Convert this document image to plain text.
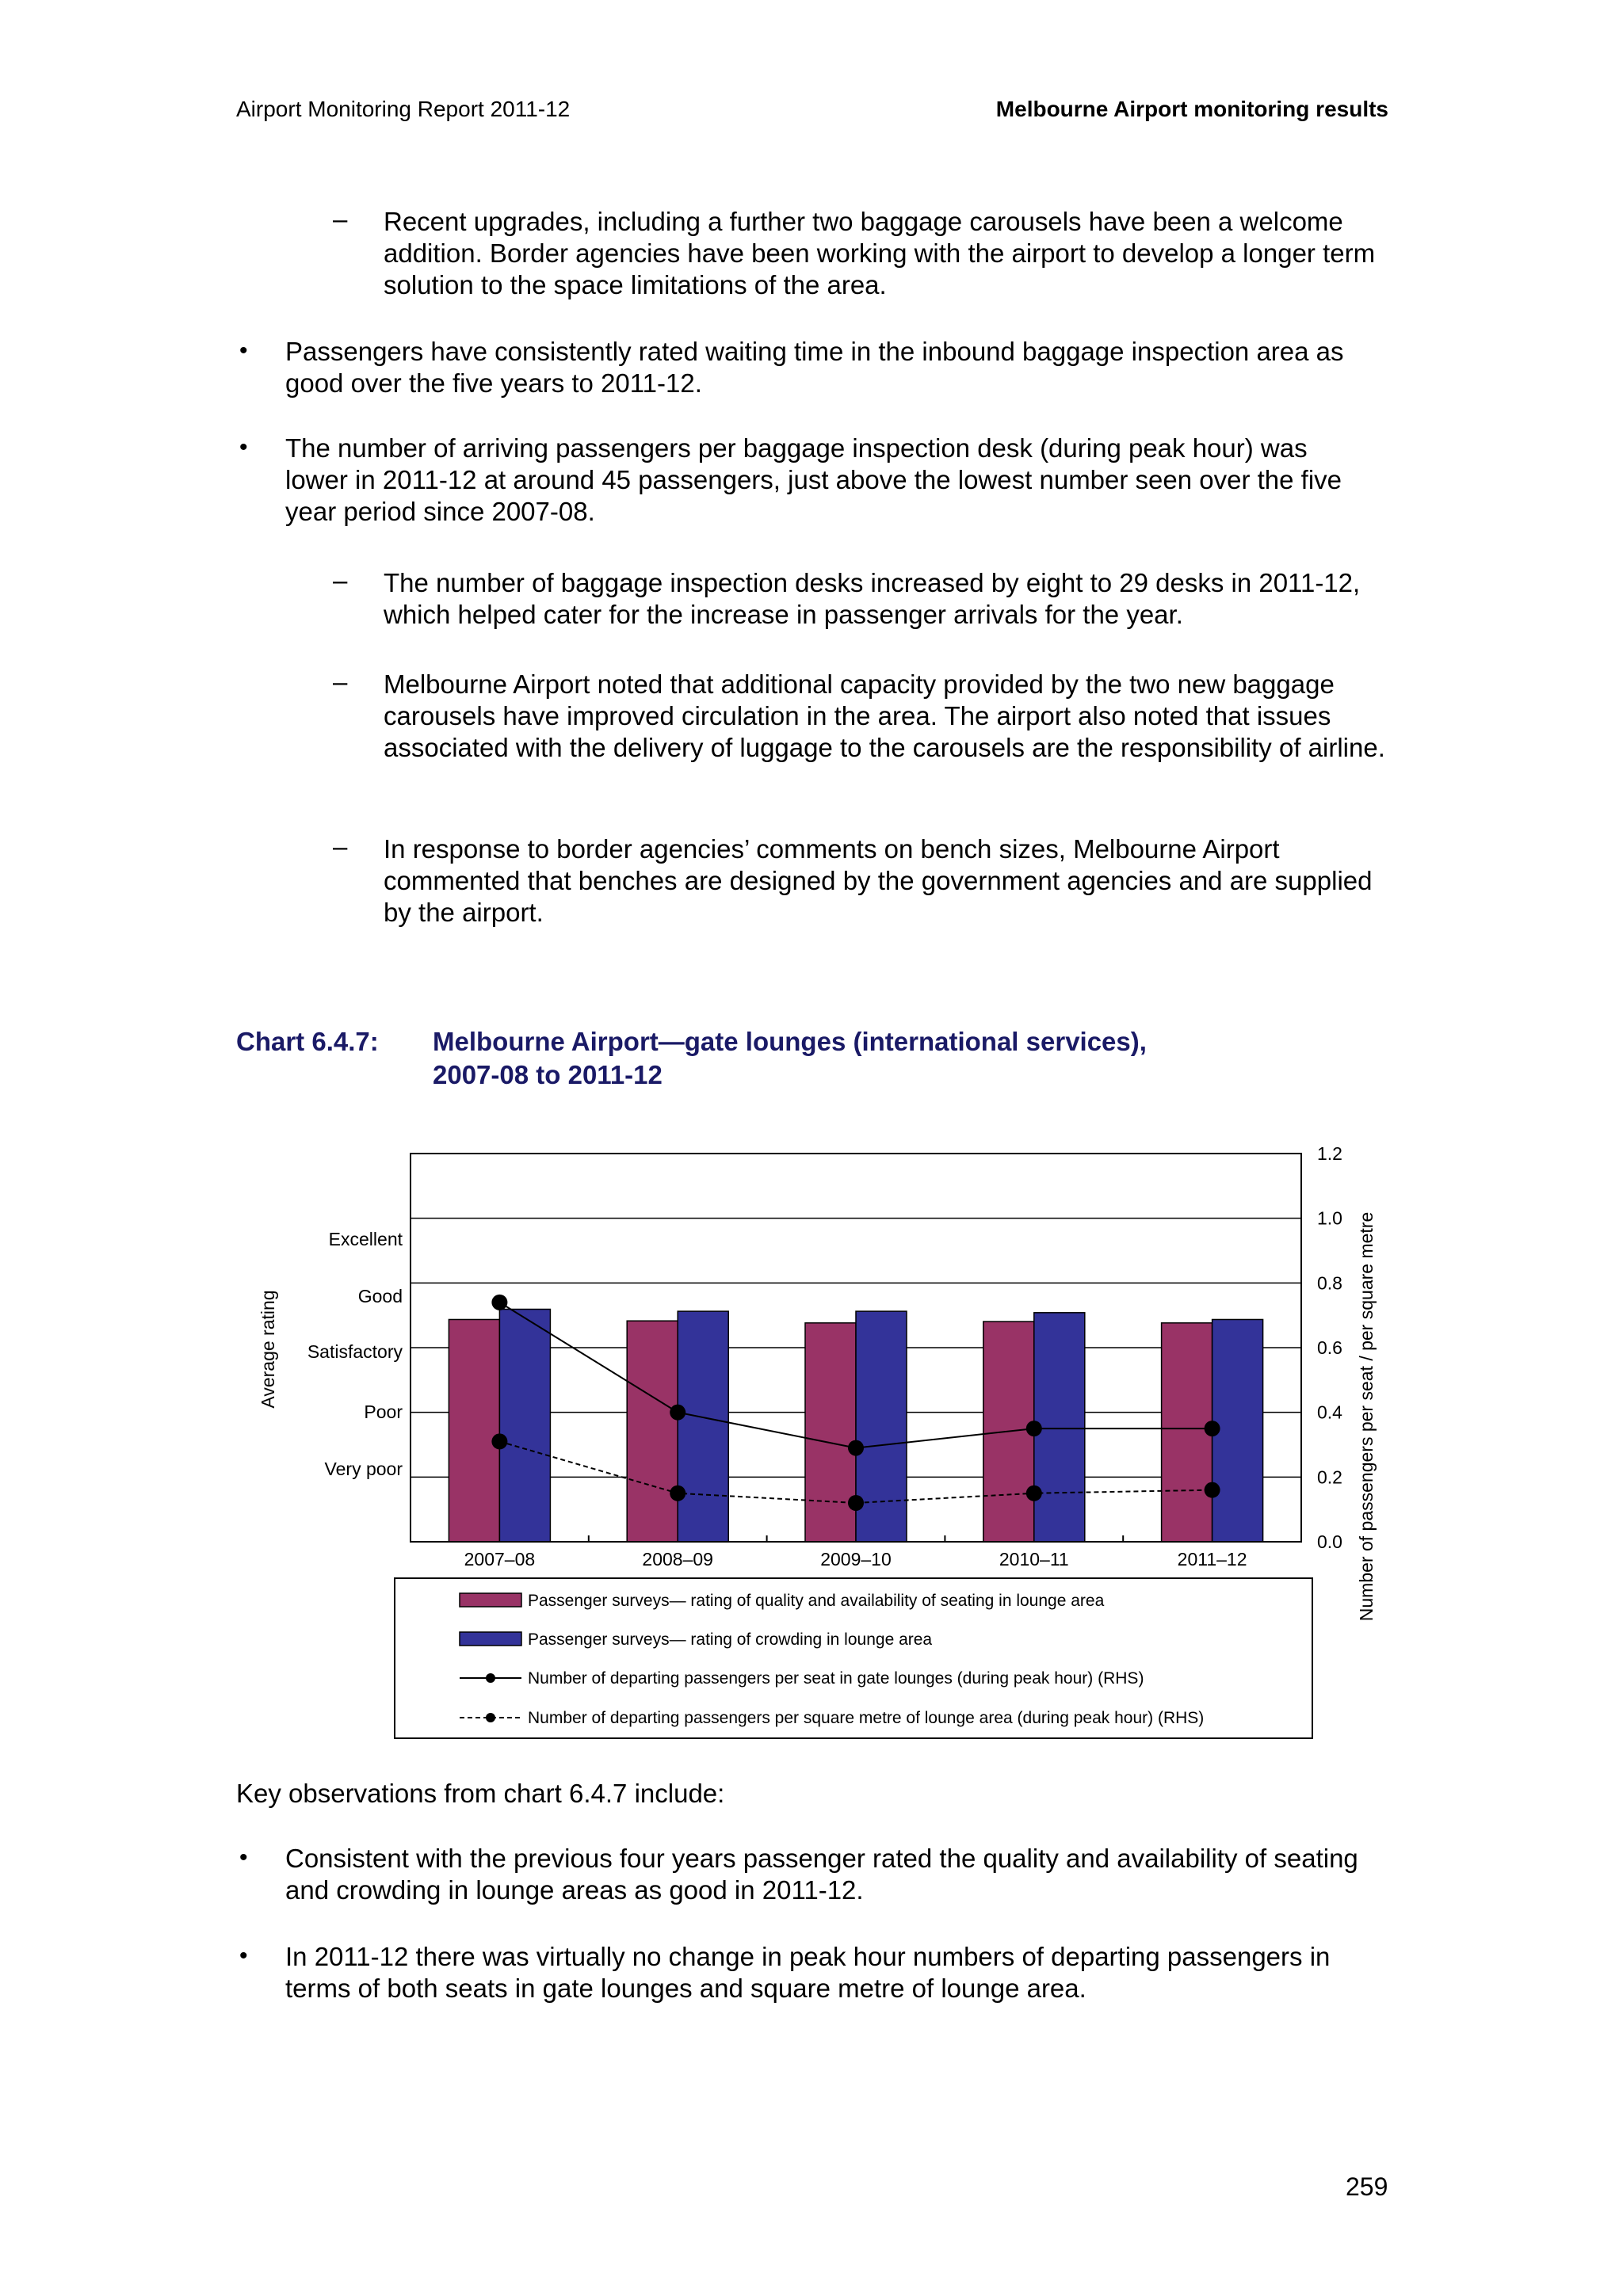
Airport Monitoring Report 2011-12	Melbourne Airport monitoring results
– Recent upgrades, including a further two baggage carousels have been a welcome addition. Border agencies have been working with the airport to develop a longer term solution to the space limitations of the area.
• Passengers have consistently rated waiting time in the inbound baggage inspection area as good over the five years to 2011-12.
• The number of arriving passengers per baggage inspection desk (during peak hour) was lower in 2011-12 at around 45 passengers, just above the lowest number seen over the five year period since 2007-08.
– The number of baggage inspection desks increased by eight to 29 desks in 2011-12, which helped cater for the increase in passenger arrivals for the year.
– Melbourne Airport noted that additional capacity provided by the two new baggage carousels have improved circulation in the area. The airport also noted that issues associated with the delivery of luggage to the carousels are the responsibility of airline.
– In response to border agencies’ comments on bench sizes, Melbourne Airport commented that benches are designed by the government agencies and are supplied by the airport.
Chart 6.4.7: Melbourne Airport—gate lounges (international services),
2007-08 to 2011-12
0.0
0.2
0.4
0.6
0.8
1.0
1.2
2007–08	2008–09	2009–10	2010–11	2011–12
Excellent
Good
Satisfactory
Poor
Very poor
Average rating	Number of passengers per seat / per square metre
Passenger surveys— rating of quality and availability of seating in lounge area
Passenger surveys— rating of crowding in lounge area
Number of departing passengers per seat in gate lounges (during peak hour) (RHS)
Number of departing passengers per square metre of lounge area (during peak hour) (RHS)
Key observations from chart 6.4.7 include:
• Consistent with the previous four years passenger rated the quality and availability of seating and crowding in lounge areas as good in 2011-12.
• In 2011-12 there was virtually no change in peak hour numbers of departing passengers in terms of both seats in gate lounges and square metre of lounge area.
259
